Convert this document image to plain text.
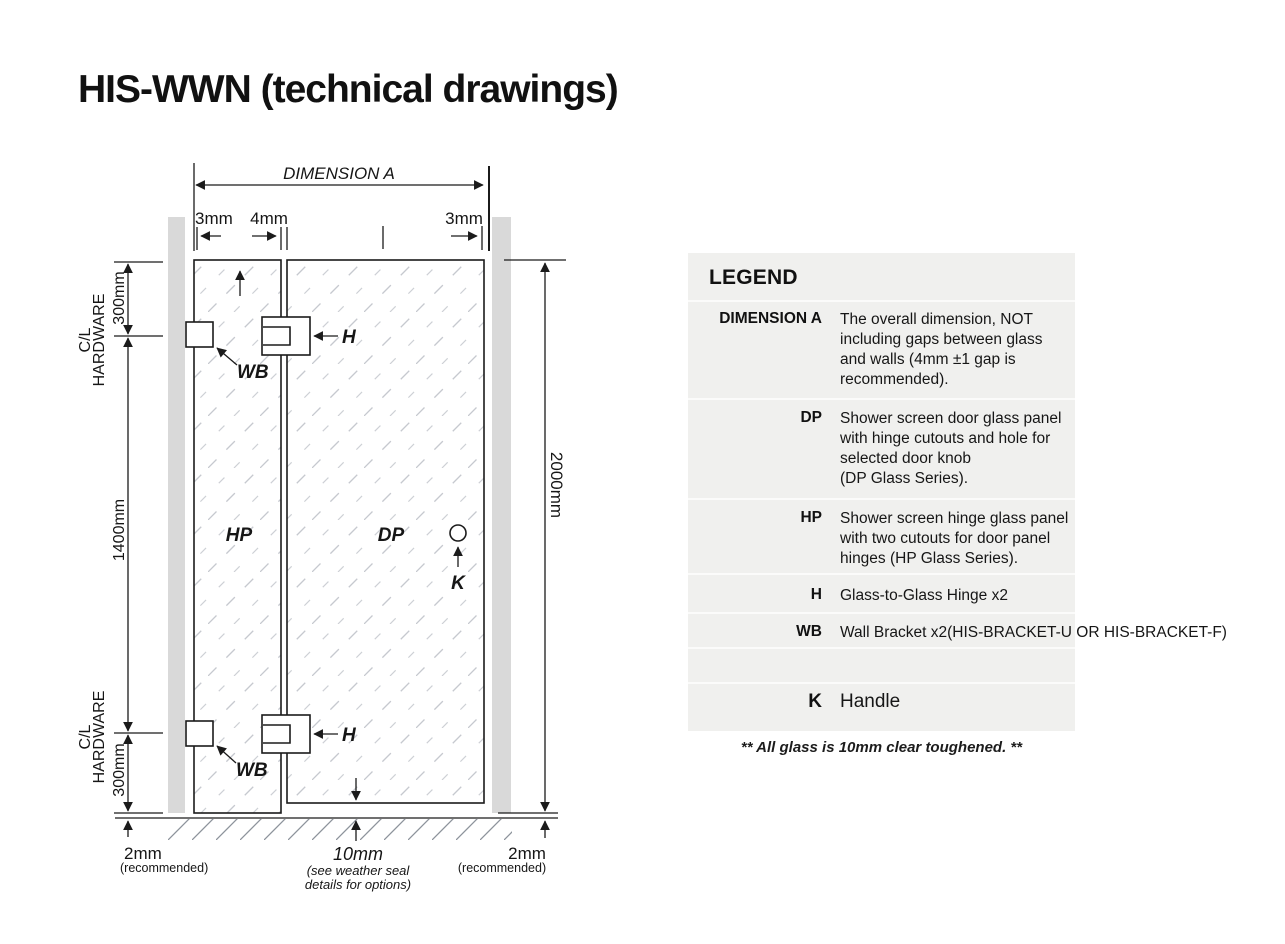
HIS-WWN (technical drawings)
DIMENSION A
3mm 4mm	3mm
300mm
C/L
HARDWARE
1400mm
C/L
HARDWARE 300mm
2mm
(recommended)
2000mm
2mm
(recommended)
10mm
(see weather seal
details for options)
HP	DP
H
H
WB
WB
K
LEGEND
DIMENSION A The overall dimension, NOT
including gaps between glass
and walls (4mm ±1 gap is
recommended).
DP Shower screen door glass panel
with hinge cutouts and hole for
selected door knob
(DP Glass Series).
HP Shower screen hinge glass panel
with two cutouts for door panel
hinges (HP Glass Series).
H Glass-to-Glass Hinge x2
WB Wall Bracket x2(HIS-BRACKET-U OR HIS-BRACKET-F)
K Handle
** All glass is 10mm clear toughened. **
